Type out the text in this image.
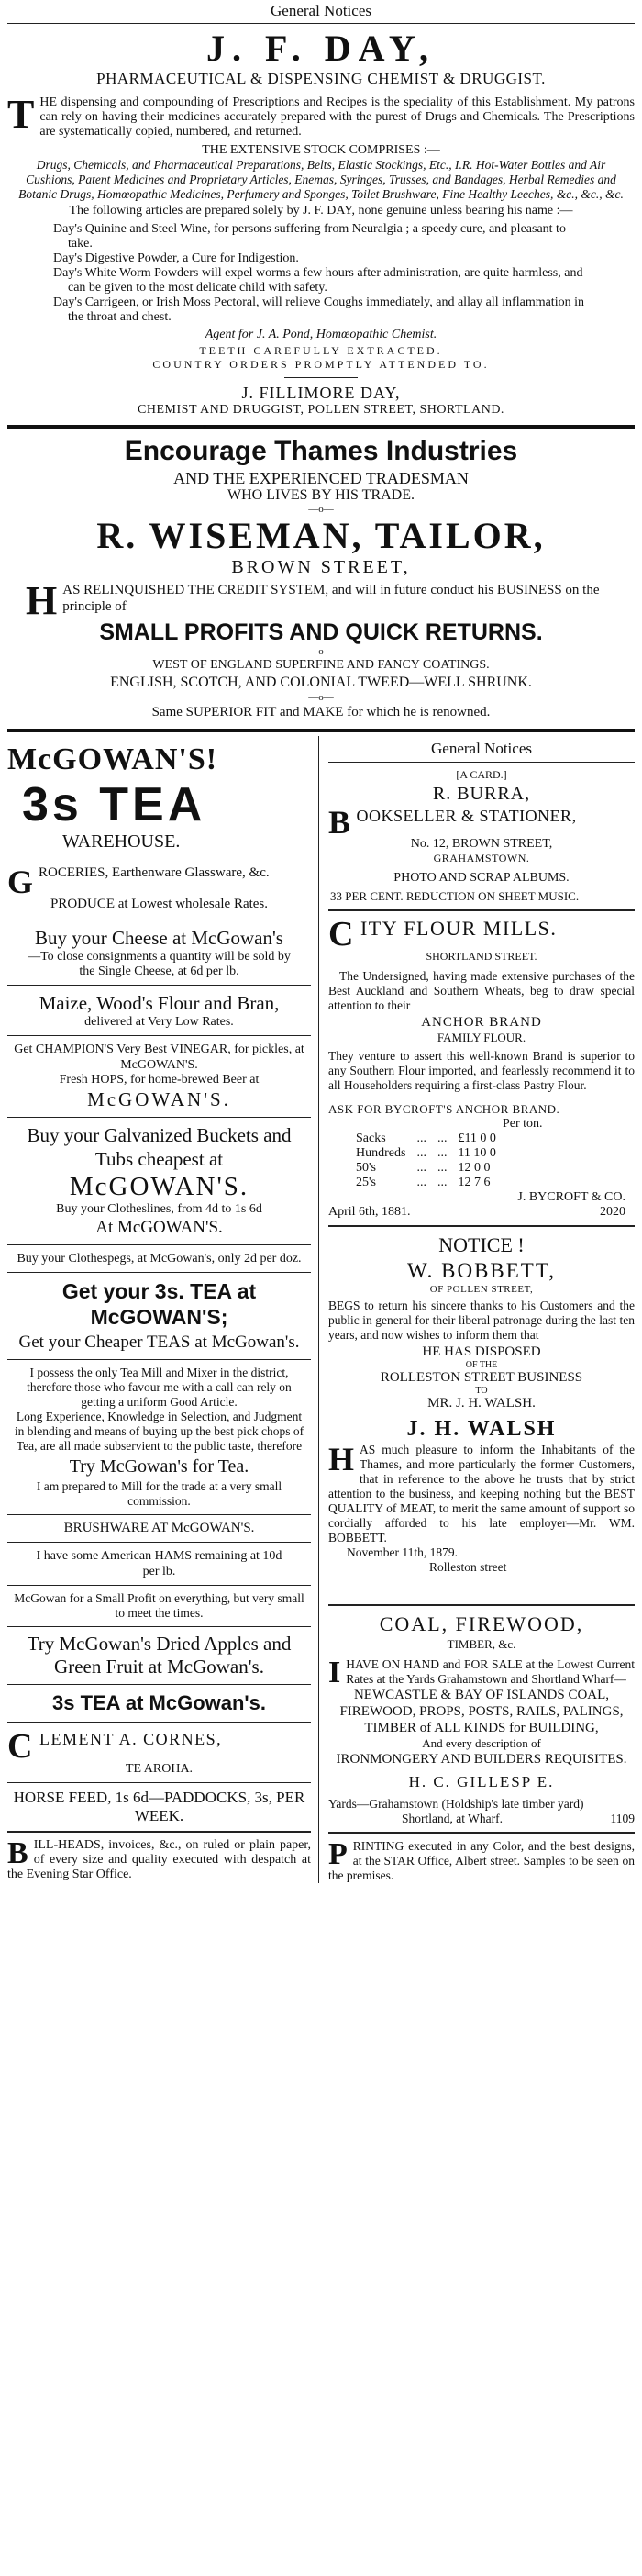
General Notices
J. F. DAY,
PHARMACEUTICAL & DISPENSING CHEMIST & DRUGGIST.

THE dispensing and compounding of Prescriptions and Recipes is the speciality of this Establishment. My patrons can rely on having their medicines accurately prepared with the purest of Drugs and Chemicals. The Prescriptions are systematically copied, numbered, and returned.

THE EXTENSIVE STOCK COMPRISES :—

Drugs, Chemicals, and Pharmaceutical Preparations, Belts, Elastic Stockings, Etc., I.R. Hot-Water Bottles and Air Cushions, Patent Medicines and Proprietary Articles, Enemas, Syringes, Trusses, and Bandages, Herbal Remedies and Botanic Drugs, Homœopathic Medicines, Perfumery and Sponges, Toilet Brushware, Fine Healthy Leeches, &c., &c., &c.

The following articles are prepared solely by J. F. DAY, none genuine unless bearing his name :—

Day's Quinine and Steel Wine, for persons suffering from Neuralgia ; a speedy cure, and pleasant to take.

Day's Digestive Powder, a Cure for Indigestion.

Day's White Worm Powders will expel worms a few hours after administration, are quite harmless, and can be given to the most delicate child with safety.

Day's Carrigeen, or Irish Moss Pectoral, will relieve Coughs immediately, and allay all inflammation in the throat and chest.

Agent for J. A. Pond, Homœopathic Chemist.
TEETH CAREFULLY EXTRACTED.
COUNTRY ORDERS PROMPTLY ATTENDED TO.
J. FILLIMORE DAY,
CHEMIST AND DRUGGIST, POLLEN STREET, SHORTLAND.
Encourage Thames Industries
AND THE EXPERIENCED TRADESMAN
WHO LIVES BY HIS TRADE.
—o—
R. WISEMAN, TAILOR,
BROWN STREET,

HAS RELINQUISHED THE CREDIT SYSTEM, and will in future conduct his BUSINESS on the principle of

SMALL PROFITS AND QUICK RETURNS.
—o—
WEST OF ENGLAND SUPERFINE AND FANCY COATINGS.
ENGLISH, SCOTCH, AND COLONIAL TWEED—WELL SHRUNK.
—o—
Same SUPERIOR FIT and MAKE for which he is renowned.
McGOWAN'S!
3s TEA
WAREHOUSE.

GROCERIES, Earthenware Glassware, &c.

PRODUCE at Lowest wholesale Rates.
Buy your Cheese at McGowan's

—To close consignments a quantity will be sold by the Single Cheese, at 6d per lb.

Maize, Wood's Flour and Bran,
delivered at Very Low Rates.

Get CHAMPION'S Very Best VINEGAR, for pickles, at McGOWAN'S.

Fresh HOPS, for home-brewed Beer at
McGOWAN'S.

Buy your Galvanized Buckets and Tubs cheapest at

McGOWAN'S.
Buy your Clotheslines, from 4d to 1s 6d
At McGOWAN'S.

Buy your Clothespegs, at McGowan's, only 2d per doz.

Get your 3s. TEA at McGOWAN'S;

Get your Cheaper TEAS at McGowan's.

I possess the only Tea Mill and Mixer in the district, therefore those who favour me with a call can rely on getting a uniform Good Article.

Long Experience, Knowledge in Selection, and Judgment in blending and means of buying up the best pick chops of Tea, are all made subservient to the public taste, therefore

Try McGowan's for Tea.

I am prepared to Mill for the trade at a very small commission.

BRUSHWARE AT McGOWAN'S.

I have some American HAMS remaining at 10d per lb.

McGowan for a Small Profit on everything, but very small to meet the times.

Try McGowan's Dried Apples and Green Fruit at McGowan's.

3s TEA at McGowan's.

CLEMENT A. CORNES,

TE AROHA.

HORSE FEED, 1s 6d—PADDOCKS, 3s, PER WEEK.

BILL-HEADS, invoices, &c., on ruled or plain paper, of every size and quality executed with despatch at the Evening Star Office.

General Notices
[A CARD.]
R. BURRA,

BOOKSELLER & STATIONER,

No. 12, BROWN STREET,
GRAHAMSTOWN.
PHOTO AND SCRAP ALBUMS.

33 PER CENT. REDUCTION ON SHEET MUSIC.

CITY FLOUR MILLS.

SHORTLAND STREET.

The Undersigned, having made extensive purchases of the Best Auckland and Southern Wheats, beg to draw special attention to their

ANCHOR BRAND
FAMILY FLOUR.

They venture to assert this well-known Brand is superior to any Southern Flour imported, and fearlessly recommend it to all Householders requiring a first-class Pastry Flour.

ASK FOR BYCROFT'S ANCHOR BRAND.
Per ton.
Sacks	...	...	£11 0 0
Hundreds	...	...	11 10 0
50's	...	...	12 0 0
25's	...	...	12 7 6
J. BYCROFT & CO.
April 6th, 1881.	2020
NOTICE !
W. BOBBETT,
OF POLLEN STREET,

BEGS to return his sincere thanks to his Customers and the public in general for their liberal patronage during the last ten years, and now wishes to inform them that

HE HAS DISPOSED
OF THE
ROLLESTON STREET BUSINESS
TO
MR. J. H. WALSH.
J. H. WALSH

HAS much pleasure to inform the Inhabitants of the Thames, and more particularly the former Customers, that in reference to the above he trusts that by strict attention to the business, and keeping nothing but the BEST QUALITY of MEAT, to merit the same amount of support so cordially afforded to his late employer—Mr. WM. BOBBETT.

November 11th, 1879.
Rolleston street
COAL, FIREWOOD,
TIMBER, &c.

IHAVE ON HAND and FOR SALE at the Lowest Current Rates at the Yards Grahamstown and Shortland Wharf—

NEWCASTLE & BAY OF ISLANDS COAL,
FIREWOOD, PROPS, POSTS, RAILS, PALINGS,
TIMBER of ALL KINDS for BUILDING,
And every description of
IRONMONGERY AND BUILDERS REQUISITES.
H. C. GILLESP E.

Yards—Grahamstown (Holdship's late timber yard)

Shortland, at Wharf.	1109

PRINTING executed in any Color, and the best designs, at the STAR Office, Albert street. Samples to be seen on the premises.
